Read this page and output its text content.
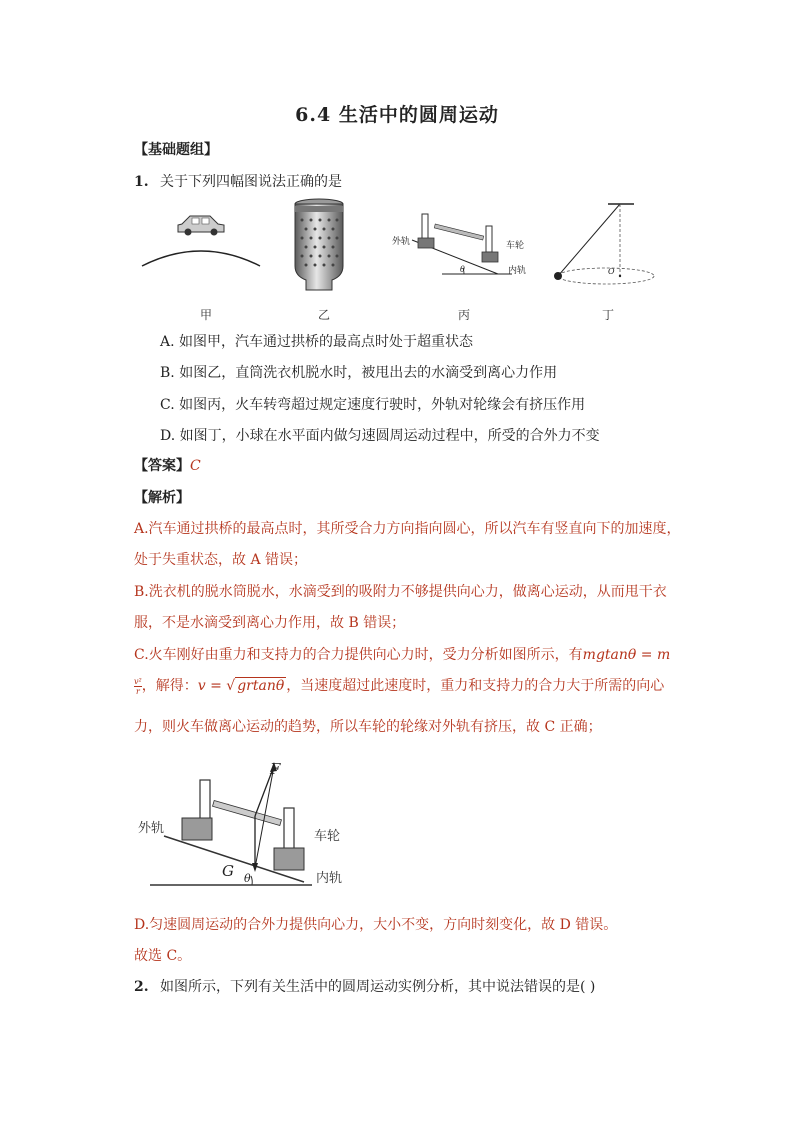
6.4 生活中的圆周运动
【基础题组】
1. 关于下列四幅图说法正确的是
外轨	车轮
内轨
θ	O
甲	乙	丙	丁
A. 如图甲，汽车通过拱桥的最高点时处于超重状态
B. 如图乙，直筒洗衣机脱水时，被甩出去的水滴受到离心力作用
C. 如图丙，火车转弯超过规定速度行驶时，外轨对轮缘会有挤压作用
D. 如图丁，小球在水平面内做匀速圆周运动过程中，所受的合外力不变
【答案】C
【解析】
A.汽车通过拱桥的最高点时，其所受合力方向指向圆心，所以汽车有竖直向下的加速度，
处于失重状态，故 A 错误；
B.洗衣机的脱水筒脱水，水滴受到的吸附力不够提供向心力，做离心运动，从而甩干衣
服，不是水滴受到离心力作用，故 B 错误；
C.火车刚好由重力和支持力的合力提供向心力时，受力分析如图所示，有mgtanθ = m
$\frac{\text{v²}}{r}$ ，解得：v = √ grtanθ ，当速度超过此速度时，重力和支持力的合力大于所需的向心
力，则火车做离心运动的趋势，所以车轮的轮缘对外轨有挤压，故 C 正确；
F
G θ
外轨
车轮
内轨
D.匀速圆周运动的合外力提供向心力，大小不变，方向时刻变化，故 D 错误。
故选 C。
2. 如图所示，下列有关生活中的圆周运动实例分析，其中说法错误的是( )
